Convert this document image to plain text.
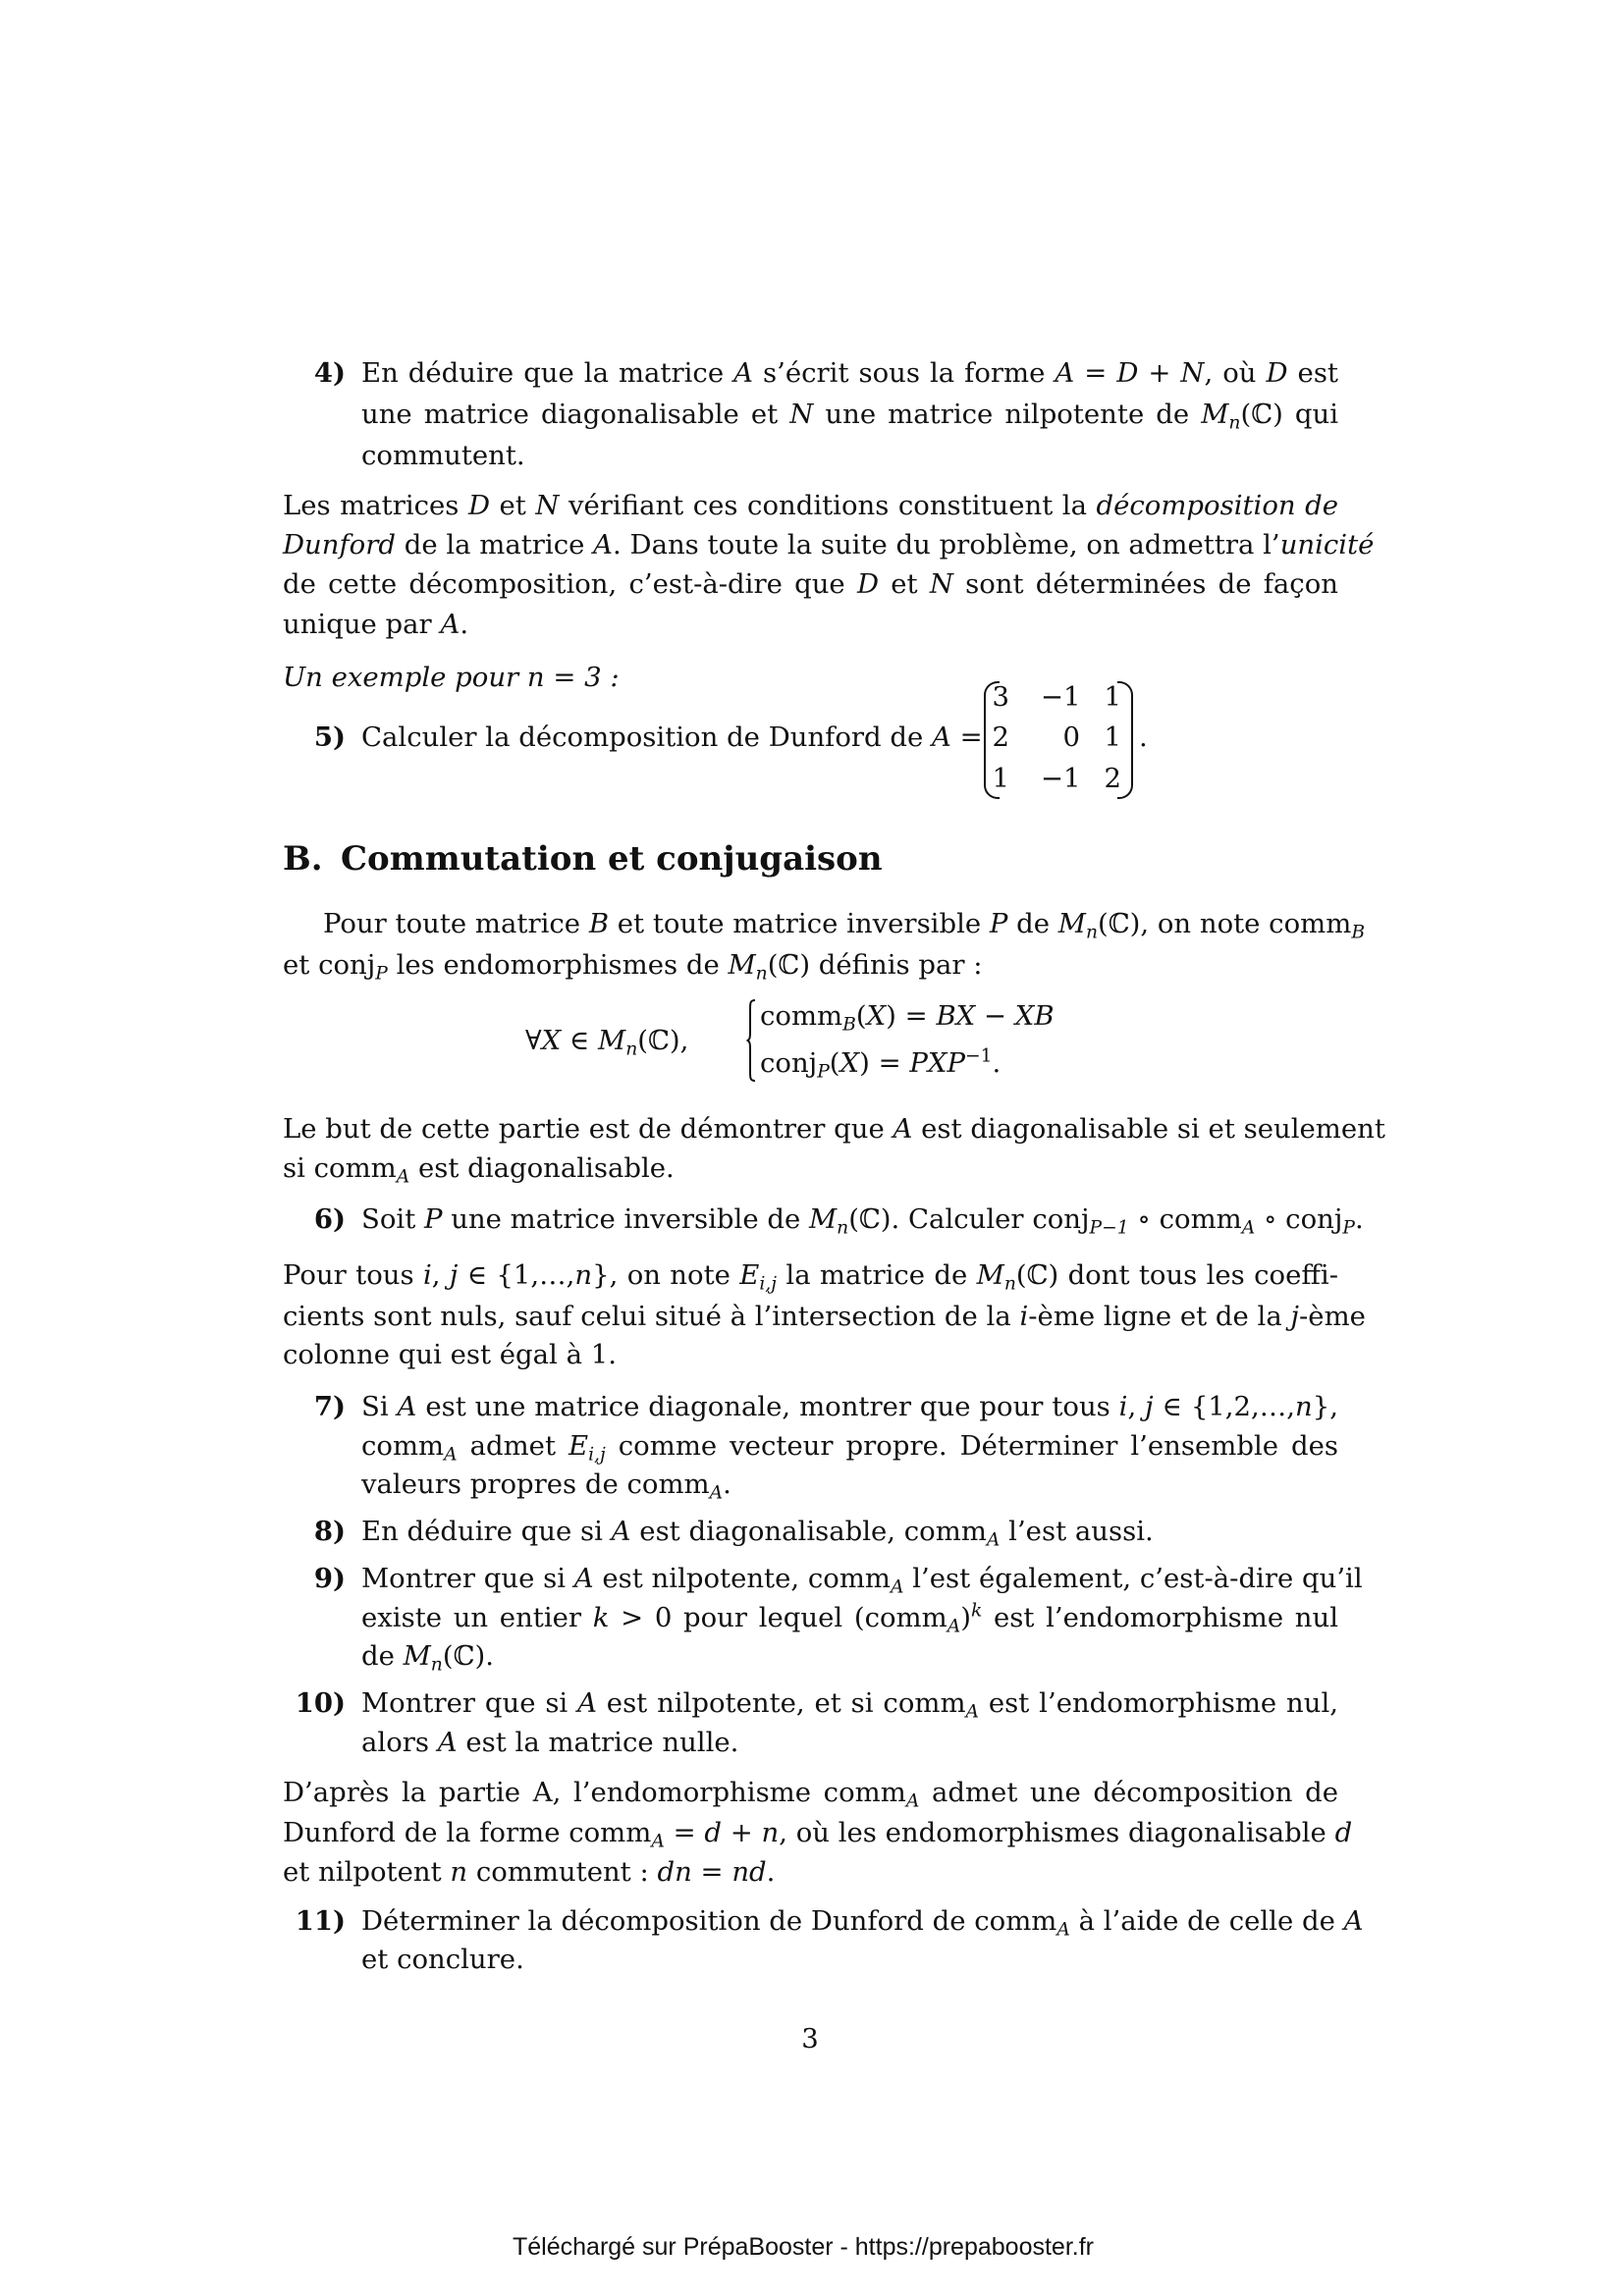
4) En déduire que la matrice A s’écrit sous la forme A = D + N, où D est
une matrice diagonalisable et N une matrice nilpotente de $M_n(ℂ)$ qui
commutent.
Les matrices D et N vérifiant ces conditions constituent la décomposition de
Dunford de la matrice A. Dans toute la suite du problème, on admettra l’unicité
de cette décomposition, c’est-à-dire que D et N sont déterminées de façon
unique par A.
Un exemple pour n = 3 :
5) Calculer la décomposition de Dunford de A =
3 −1 1
2	0 1
1 −1 2
.
B. Commutation et conjugaison
Pour toute matrice B et toute matrice inversible P de $M_n(ℂ)$, on note comm$_B$
et conj$_P$ les endomorphismes de $M_n(ℂ)$ définis par :
∀X ∈ $M_n(ℂ)$,
comm$_B$(X) = BX − XB
conj$_P$(X) = $PXP^{-1}$.
Le but de cette partie est de démontrer que A est diagonalisable si et seulement
si comm$_A$ est diagonalisable.
6) Soit P une matrice inversible de $M_n(ℂ)$. Calculer conj$_{P-1}$ ∘ comm$_A$ ∘ conj$_P$.
Pour tous i, j ∈ {1,…,n}, on note $E_{i,j}$ la matrice de $M_n(ℂ)$ dont tous les coeffi-
cients sont nuls, sauf celui situé à l’intersection de la i-ème ligne et de la j-ème
colonne qui est égal à 1.
7) Si A est une matrice diagonale, montrer que pour tous i, j ∈ {1,2,…,n},
comm$_A$ admet $E_{i,j}$ comme vecteur propre. Déterminer l’ensemble des
valeurs propres de comm$_A$.
8) En déduire que si A est diagonalisable, comm$_A$ l’est aussi.
9) Montrer que si A est nilpotente, comm$_A$ l’est également, c’est-à-dire qu’il
existe un entier k > 0 pour lequel (comm$_A$)$^k$ est l’endomorphisme nul
de $M_n(ℂ)$.
10) Montrer que si A est nilpotente, et si comm$_A$ est l’endomorphisme nul,
alors A est la matrice nulle.
D’après la partie A, l’endomorphisme comm$_A$ admet une décomposition de
Dunford de la forme comm$_A$ = d + n, où les endomorphismes diagonalisable d
et nilpotent n commutent : dn = nd.
11) Déterminer la décomposition de Dunford de comm$_A$ à l’aide de celle de A
et conclure.
3
Téléchargé sur PrépaBooster - https://prepabooster.fr
